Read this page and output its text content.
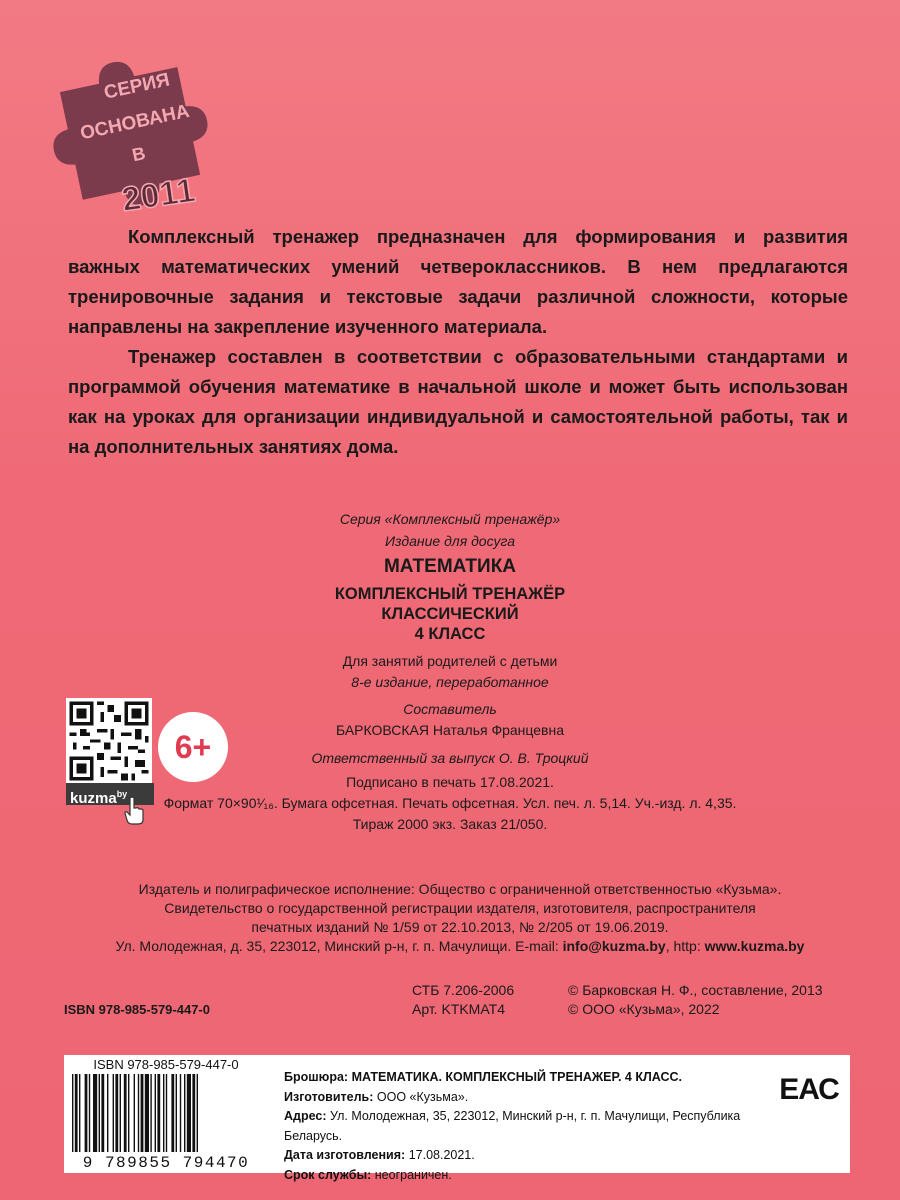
СЕРИЯ
ОСНОВАНА
В
2011

Комплексный тренажер предназначен для формирования и развития важных математических умений четвероклассников. В нем предлагаются тренировочные задания и текстовые задачи различной сложности, которые направлены на закрепление изученного материала.

Тренажер составлен в соответствии с образовательными стандартами и программой обучения математике в начальной школе и может быть использован как на уроках для организации индивидуальной и самостоятельной работы, так и на дополнительных занятиях дома.

Серия «Комплексный тренажёр»
Издание для досуга
МАТЕМАТИКА
КОМПЛЕКСНЫЙ ТРЕНАЖЁР
КЛАССИЧЕСКИЙ
4 КЛАСС
Для занятий родителей с детьми
8-е издание, переработанное
Составитель
БАРКОВСКАЯ Наталья Францевна
Ответственный за выпуск О. В. Троцкий
Подписано в печать 17.08.2021.
Формат 70×90¹⁄₁₆. Бумага офсетная. Печать офсетная. Усл. печ. л. 5,14. Уч.-изд. л. 4,35.
Тираж 2000 экз. Заказ 21/050.
kuzma$^{by}$
6+
Издатель и полиграфическое исполнение: Общество с ограниченной ответственностью «Кузьма».
Свидетельство о государственной регистрации издателя, изготовителя, распространителя
печатных изданий № 1/59 от 22.10.2013, № 2/205 от 19.06.2019.
Ул. Молодежная, д. 35, 223012, Минский р-н, г. п. Мачулищи. E-mail: info@kuzma.by, http: www.kuzma.by
ISBN 978-985-579-447-0
СТБ 7.206-2006
Арт. KTKMAT4
© Барковская Н. Ф., составление, 2013
© ООО «Кузьма», 2022
ISBN 978-985-579-447-0
9 789855 794470
Брошюра: МАТЕМАТИКА. КОМПЛЕКСНЫЙ ТРЕНАЖЕР. 4 КЛАСС.
Изготовитель: ООО «Кузьма».
Адрес: Ул. Молодежная, 35, 223012, Минский р-н, г. п. Мачулищи, Республика Беларусь.
Дата изготовления: 17.08.2021.
Срок службы: неограничен.
ЕАС
